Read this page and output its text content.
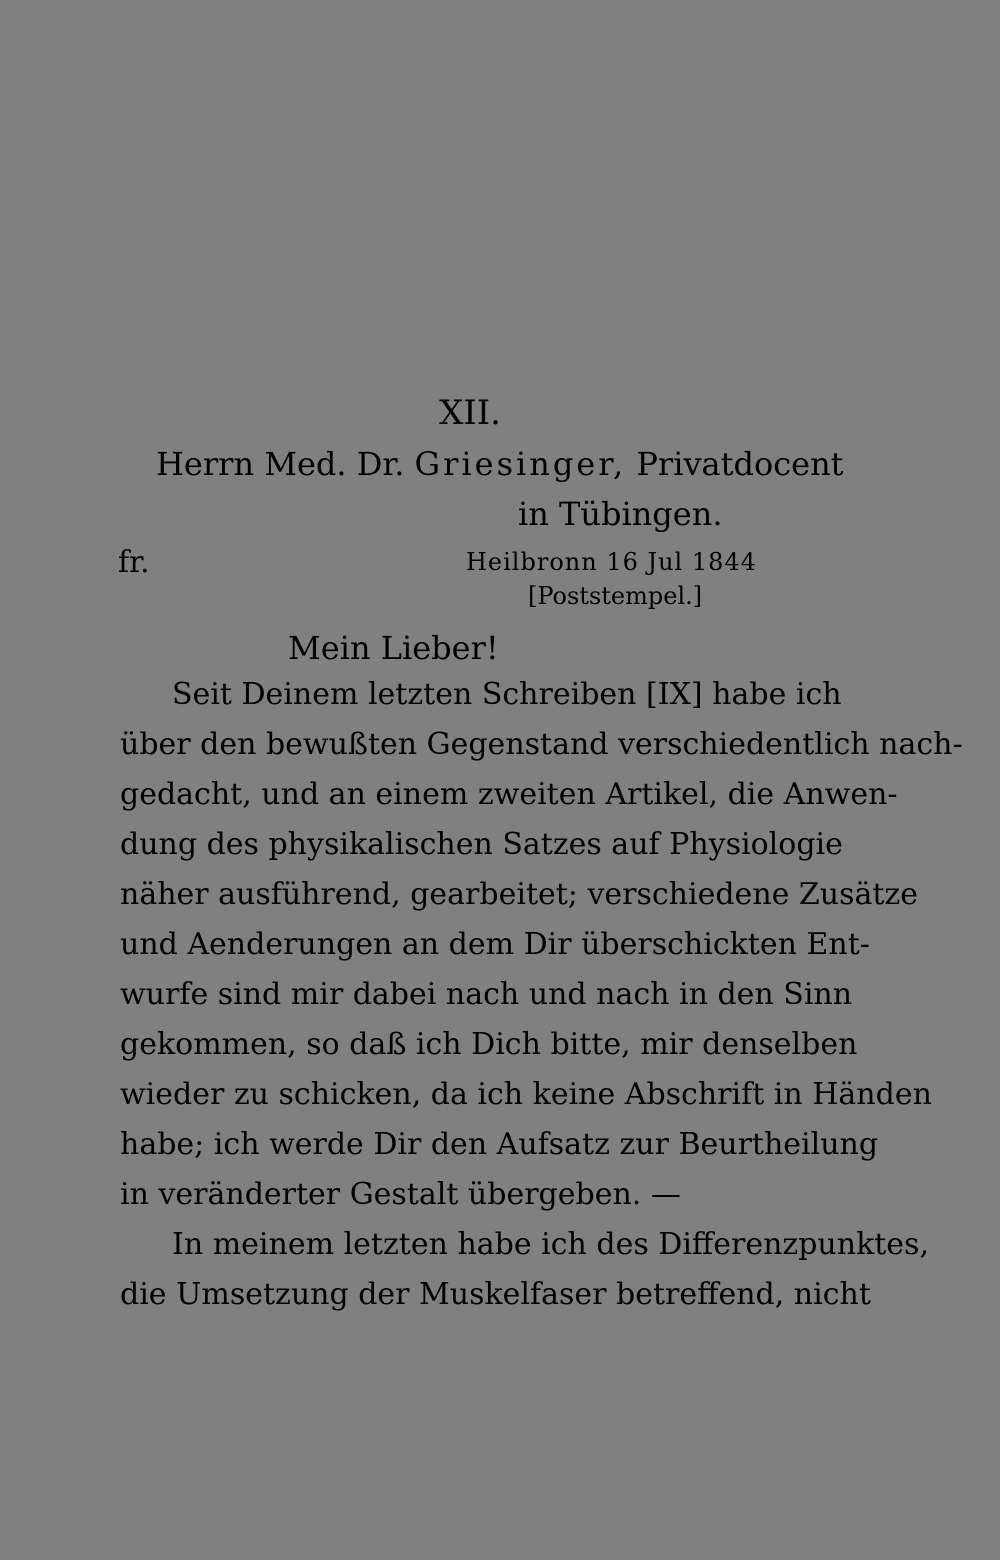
XII.
Herrn Med. Dr. Griesinger, Privatdocent
in Tübingen.
fr.	Heilbronn 16 Jul 1844
[Poststempel.]
Mein Lieber!
Seit Deinem letzten Schreiben [IX] habe ich
über den bewußten Gegenstand verschiedentlich nach-
gedacht, und an einem zweiten Artikel, die Anwen-
dung des physikalischen Satzes auf Physiologie
näher ausführend, gearbeitet; verschiedene Zusätze
und Aenderungen an dem Dir überschickten Ent-
wurfe sind mir dabei nach und nach in den Sinn
gekommen, so daß ich Dich bitte, mir denselben
wieder zu schicken, da ich keine Abschrift in Händen
habe; ich werde Dir den Aufsatz zur Beurtheilung
in veränderter Gestalt übergeben. —
In meinem letzten habe ich des Differenzpunktes,
die Umsetzung der Muskelfaser betreffend, nicht
